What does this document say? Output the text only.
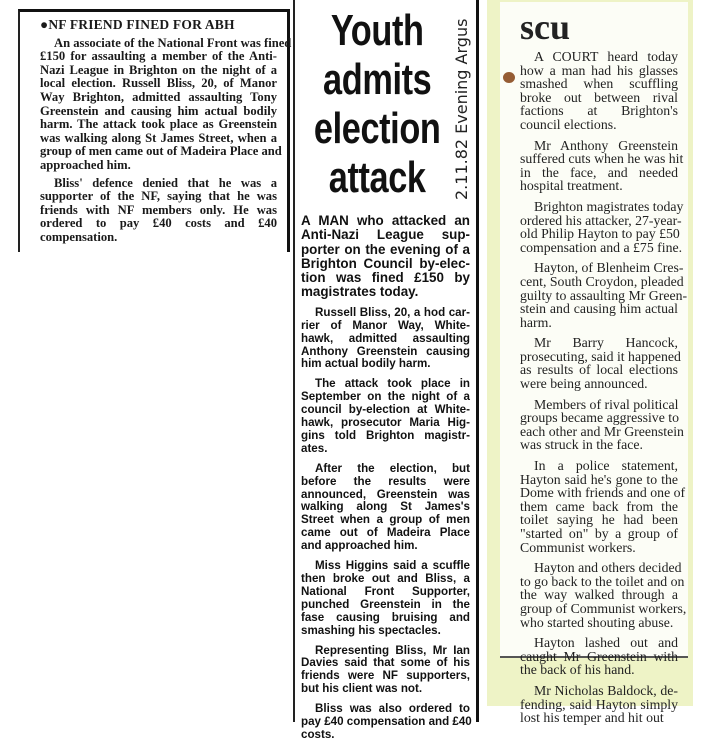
●NF FRIEND FINED FOR ABH
An associate of the National Front was fined
£150 for assaulting a member of the Anti-
Nazi League in Brighton on the night of a
local election. Russell Bliss, 20, of Manor
Way Brighton, admitted assaulting Tony
Greenstein and causing him actual bodily
harm. The attack took place as Greenstein
was walking along St James Street, when a
group of men came out of Madeira Place and
approached him.
Bliss' defence denied that he was a
supporter of the NF, saying that he was
friends with NF members only. He was
ordered to pay £40 costs and £40
compensation.
Youth
admits
election
attack
A MAN who attacked an
Anti-Nazi League sup-
porter on the evening of a
Brighton Council by-elec-
tion was fined £150 by
magistrates today.
Russell Bliss, 20, a hod car-
rier of Manor Way, White-
hawk, admitted assaulting
Anthony Greenstein causing
him actual bodily harm.
The attack took place in
September on the night of a
council by-election at White-
hawk, prosecutor Maria Hig-
gins told Brighton magistr-
ates.
After the election, but
before the results were
announced, Greenstein was
walking along St James's
Street when a group of men
came out of Madeira Place
and approached him.
Miss Higgins said a scuffle
then broke out and Bliss, a
National Front Supporter,
punched Greenstein in the
fase causing bruising and
smashing his spectacles.
Representing Bliss, Mr Ian
Davies said that some of his
friends were NF supporters,
but his client was not.
Bliss was also ordered to
pay £40 compensation and £40
costs.
scu
A COURT heard today
how a man had his glasses
smashed when scuffling
broke out between rival
factions at Brighton's
council elections.
Mr Anthony Greenstein
suffered cuts when he was hit
in the face, and needed
hospital treatment.
Brighton magistrates today
ordered his attacker, 27-year-
old Philip Hayton to pay £50
compensation and a £75 fine.
Hayton, of Blenheim Cres-
cent, South Croydon, pleaded
guilty to assaulting Mr Green-
stein and causing him actual
harm.
Mr Barry Hancock,
prosecuting, said it happened
as results of local elections
were being announced.
Members of rival political
groups became aggressive to
each other and Mr Greenstein
was struck in the face.
In a police statement,
Hayton said he's gone to the
Dome with friends and one of
them came back from the
toilet saying he had been
"started on" by a group of
Communist workers.
Hayton and others decided
to go back to the toilet and on
the way walked through a
group of Communist workers,
who started shouting abuse.
Hayton lashed out and
caught Mr Greenstein with
the back of his hand.
Mr Nicholas Baldock, de-
fending, said Hayton simply
lost his temper and hit out
2.11.82 Evening Argus
